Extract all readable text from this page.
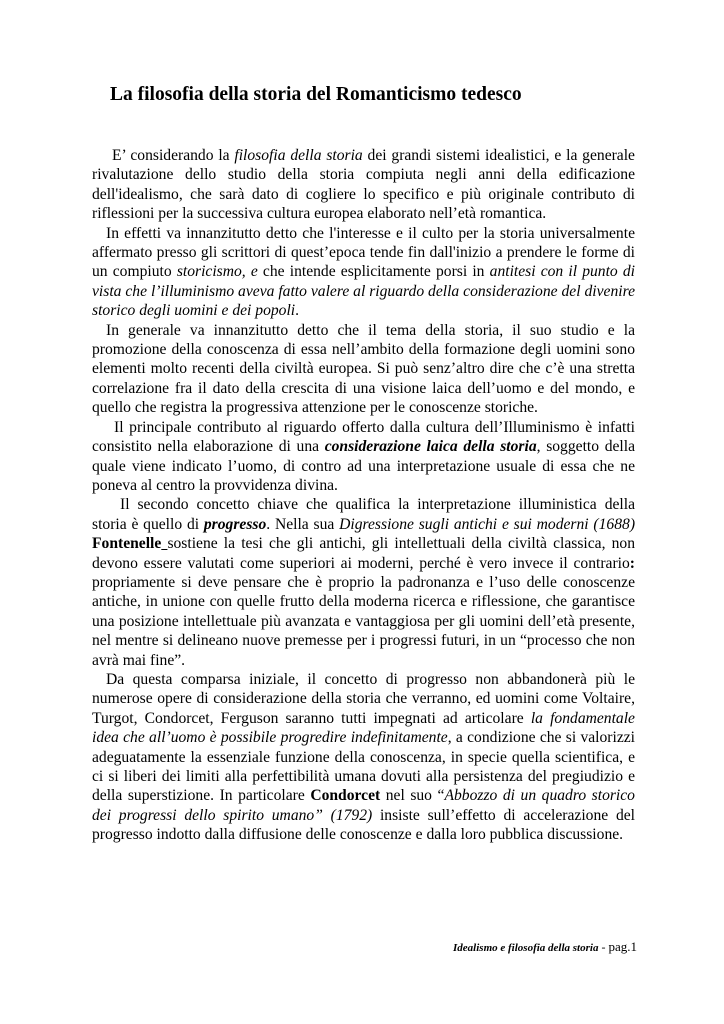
La filosofia della storia del Romanticismo tedesco

E’ considerando la filosofia della storia dei grandi sistemi idealistici, e la generale rivalutazione dello studio della storia compiuta negli anni della edificazione dell'idealismo, che sarà dato di cogliere lo specifico e più originale contributo di riflessioni per la successiva cultura europea elaborato nell’età romantica.

In effetti va innanzitutto detto che l'interesse e il culto per la storia universalmente affermato presso gli scrittori di quest’epoca tende fin dall'inizio a prendere le forme di un compiuto storicismo, e che intende esplicitamente porsi in antitesi con il punto di vista che l’illuminismo aveva fatto valere al riguardo della considerazione del divenire storico degli uomini e dei popoli.

In generale va innanzitutto detto che il tema della storia, il suo studio e la promozione della conoscenza di essa nell’ambito della formazione degli uomini sono elementi molto recenti della civiltà europea. Si può senz’altro dire che c’è una stretta correlazione fra il dato della crescita di una visione laica dell’uomo e del mondo, e quello che registra la progressiva attenzione per le conoscenze storiche.

Il principale contributo al riguardo offerto dalla cultura dell’Illuminismo è infatti consistito nella elaborazione di una considerazione laica della storia, soggetto della quale viene indicato l’uomo, di contro ad una interpretazione usuale di essa che ne poneva al centro la provvidenza divina.

Il secondo concetto chiave che qualifica la interpretazione illuministica della storia è quello di progresso. Nella sua Digressione sugli antichi e sui moderni (1688) Fontenelle sostiene la tesi che gli antichi, gli intellettuali della civiltà classica, non devono essere valutati come superiori ai moderni, perché è vero invece il contrario: propriamente si deve pensare che è proprio la padronanza e l’uso delle conoscenze antiche, in unione con quelle frutto della moderna ricerca e riflessione, che garantisce una posizione intellettuale più avanzata e vantaggiosa per gli uomini dell’età presente, nel mentre si delineano nuove premesse per i progressi futuri, in un “processo che non avrà mai fine”.

Da questa comparsa iniziale, il concetto di progresso non abbandonerà più le numerose opere di considerazione della storia che verranno, ed uomini come Voltaire, Turgot, Condorcet, Ferguson saranno tutti impegnati ad articolare la fondamentale idea che all’uomo è possibile progredire indefinitamente, a condizione che si valorizzi adeguatamente la essenziale funzione della conoscenza, in specie quella scientifica, e ci si liberi dei limiti alla perfettibilità umana dovuti alla persistenza del pregiudizio e della superstizione. In particolare Condorcet nel suo “Abbozzo di un quadro storico dei progressi dello spirito umano” (1792) insiste sull’effetto di accelerazione del progresso indotto dalla diffusione delle conoscenze e dalla loro pubblica discussione.

Idealismo e filosofia della storia - pag.1
